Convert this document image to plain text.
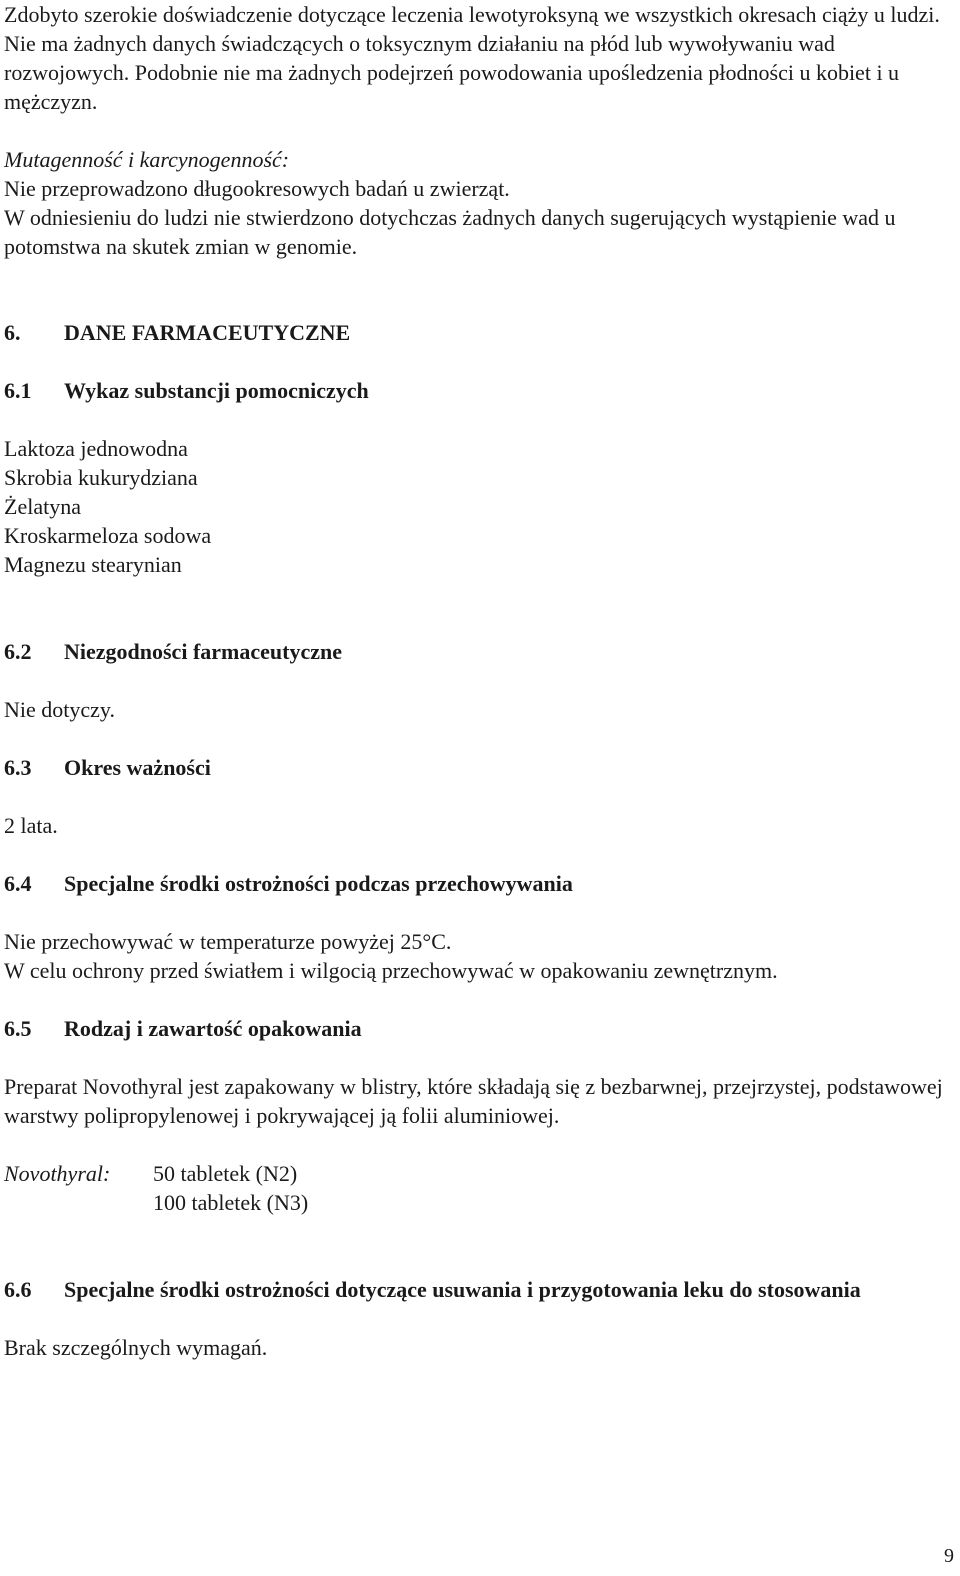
Zdobyto szerokie doświadczenie dotyczące leczenia lewotyroksyną we wszystkich okresach ciąży u ludzi.

Nie ma żadnych danych świadczących o toksycznym działaniu na płód lub wywoływaniu wad rozwojowych. Podobnie nie ma żadnych podejrzeń powodowania upośledzenia płodności u kobiet i u mężczyzn.

Mutagenność i karcynogenność:

Nie przeprowadzono długookresowych badań u zwierząt.

W odniesieniu do ludzi nie stwierdzono dotychczas żadnych danych sugerujących wystąpienie wad u potomstwa na skutek zmian w genomie.

6.	DANE FARMACEUTYCZNE
6.1	Wykaz substancji pomocniczych
Laktoza jednowodna
Skrobia kukurydziana
Żelatyna
Kroskarmeloza sodowa
Magnezu stearynian
6.2	Niezgodności farmaceutyczne

Nie dotyczy.

6.3	Okres ważności

2 lata.

6.4	Specjalne środki ostrożności podczas przechowywania

Nie przechowywać w temperaturze powyżej 25°C.

W celu ochrony przed światłem i wilgocią przechowywać w opakowaniu zewnętrznym.

6.5	Rodzaj i zawartość opakowania

Preparat Novothyral jest zapakowany w blistry, które składają się z bezbarwnej, przejrzystej, podstawowej warstwy polipropylenowej i pokrywającej ją folii aluminiowej.

Novothyral:	50 tabletek (N2)
100 tabletek (N3)
6.6	Specjalne środki ostrożności dotyczące usuwania i przygotowania leku do stosowania

Brak szczególnych wymagań.

9
